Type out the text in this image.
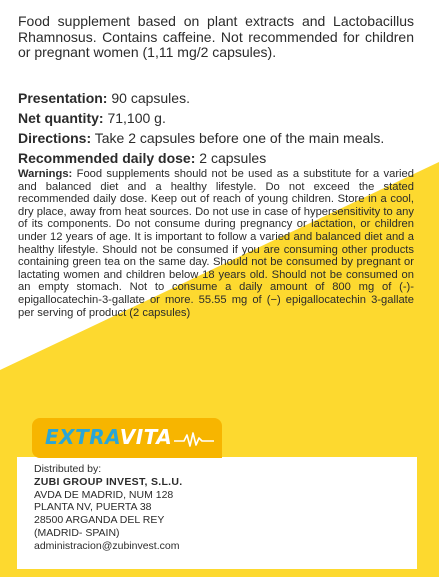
Food supplement based on plant extracts and Lactobacillus Rhamnosus. Contains caffeine. Not recommended for children or pregnant women (1,11 mg/2 capsules).

Presentation: 90 capsules.
Net quantity: 71,100 g.
Directions: Take 2 capsules before one of the main meals.
Recommended daily dose: 2 capsules

Warnings: Food supplements should not be used as a substitute for a varied and balanced diet and a healthy lifestyle. Do not exceed the stated recommended daily dose. Keep out of reach of young children. Store in a cool, dry place, away from heat sources. Do not use in case of hypersensitivity to any of its components. Do not consume during pregnancy or lactation, or children under 12 years of age. It is important to follow a varied and balanced diet and a healthy lifestyle. Should not be consumed if you are consuming other products containing green tea on the same day. Should not be consumed by pregnant or lactating women and children below 18 years old. Should not be consumed on an empty stomach. Not to consume a daily amount of 800 mg of (-)-epigallocatechin-3-gallate or more. 55.55 mg of (−) epigallocatechin 3-gallate per serving of product (2 capsules)

EXTRAVITA
Distributed by:
ZUBI GROUP INVEST, S.L.U.
AVDA DE MADRID, NUM 128
PLANTA NV, PUERTA 38
28500 ARGANDA DEL REY
(MADRID- SPAIN)
administracion@zubinvest.com
